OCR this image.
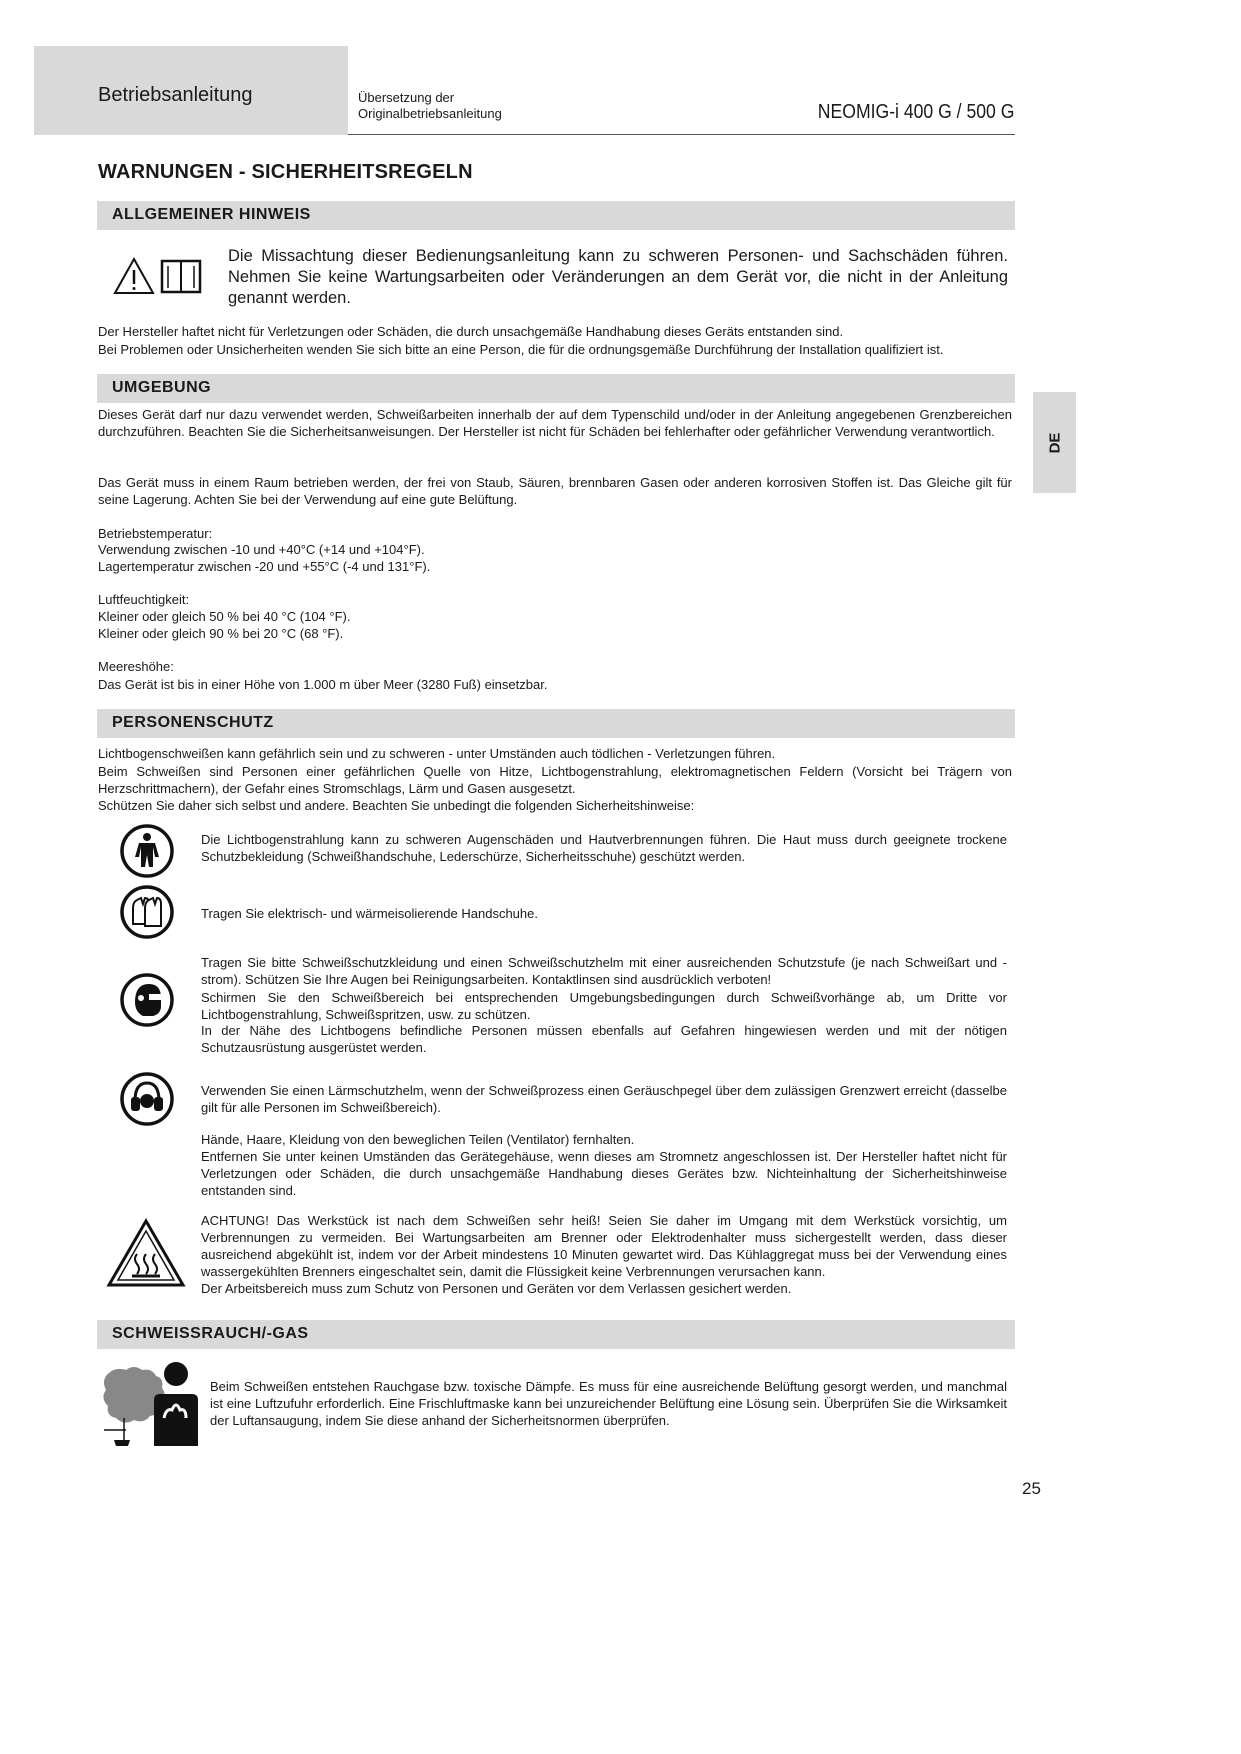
Betriebsanleitung	Übersetzung der
Originalbetriebsanleitung	NEOMIG-i 400 G / 500 G
WARNUNGEN - SICHERHEITSREGELN
DE
ALLGEMEINER HINWEIS
Die Missachtung dieser Bedienungsanleitung kann zu schweren Personen- und Sachschäden führen. Nehmen Sie keine Wartungsarbeiten oder Veränderungen an dem Gerät vor, die nicht in der Anleitung genannt werden.
Der Hersteller haftet nicht für Verletzungen oder Schäden, die durch unsachgemäße Handhabung dieses Geräts entstanden sind.
Bei Problemen oder Unsicherheiten wenden Sie sich bitte an eine Person, die für die ordnungsgemäße Durchführung der Installation qualifiziert ist.
UMGEBUNG
Dieses Gerät darf nur dazu verwendet werden, Schweißarbeiten innerhalb der auf dem Typenschild und/oder in der Anleitung angegebenen Grenzbereichen durchzuführen. Beachten Sie die Sicherheitsanweisungen. Der Hersteller ist nicht für Schäden bei fehlerhafter oder gefährlicher Verwendung verantwortlich.
Das Gerät muss in einem Raum betrieben werden, der frei von Staub, Säuren, brennbaren Gasen oder anderen korrosiven Stoffen ist. Das Gleiche gilt für seine Lagerung. Achten Sie bei der Verwendung auf eine gute Belüftung.
Betriebstemperatur:
Verwendung zwischen -10 und +40°C (+14 und +104°F).
Lagertemperatur zwischen -20 und +55°C (-4 und 131°F).
Luftfeuchtigkeit:
Kleiner oder gleich 50 % bei 40 °C (104 °F).
Kleiner oder gleich 90 % bei 20 °C (68 °F).
Meereshöhe:
Das Gerät ist bis in einer Höhe von 1.000 m über Meer (3280 Fuß) einsetzbar.
PERSONENSCHUTZ
Lichtbogenschweißen kann gefährlich sein und zu schweren - unter Umständen auch tödlichen - Verletzungen führen.
Beim Schweißen sind Personen einer gefährlichen Quelle von Hitze, Lichtbogenstrahlung, elektromagnetischen Feldern (Vorsicht bei Trägern von Herzschrittmachern), der Gefahr eines Stromschlags, Lärm und Gasen ausgesetzt.
Schützen Sie daher sich selbst und andere. Beachten Sie unbedingt die folgenden Sicherheitshinweise:
Die Lichtbogenstrahlung kann zu schweren Augenschäden und Hautverbrennungen führen. Die Haut muss durch geeignete trockene Schutzbekleidung (Schweißhandschuhe, Lederschürze, Sicherheitsschuhe) geschützt werden.
Tragen Sie elektrisch- und wärmeisolierende Handschuhe.
Tragen Sie bitte Schweißschutzkleidung und einen Schweißschutzhelm mit einer ausreichenden Schutzstufe (je nach Schweißart und -strom). Schützen Sie Ihre Augen bei Reinigungsarbeiten. Kontaktlinsen sind ausdrücklich verboten!
Schirmen Sie den Schweißbereich bei entsprechenden Umgebungsbedingungen durch Schweißvorhänge ab, um Dritte vor Lichtbogenstrahlung, Schweißspritzen, usw. zu schützen.
In der Nähe des Lichtbogens befindliche Personen müssen ebenfalls auf Gefahren hingewiesen werden und mit der nötigen Schutzausrüstung ausgerüstet werden.
Verwenden Sie einen Lärmschutzhelm, wenn der Schweißprozess einen Geräuschpegel über dem zulässigen Grenzwert erreicht (dasselbe gilt für alle Personen im Schweißbereich).
Hände, Haare, Kleidung von den beweglichen Teilen (Ventilator) fernhalten.
Entfernen Sie unter keinen Umständen das Gerätegehäuse, wenn dieses am Stromnetz angeschlossen ist. Der Hersteller haftet nicht für Verletzungen oder Schäden, die durch unsachgemäße Handhabung dieses Gerätes bzw. Nichteinhaltung der Sicherheitshinweise entstanden sind.
ACHTUNG! Das Werkstück ist nach dem Schweißen sehr heiß! Seien Sie daher im Umgang mit dem Werkstück vorsichtig, um Verbrennungen zu vermeiden. Bei Wartungsarbeiten am Brenner oder Elektrodenhalter muss sichergestellt werden, dass dieser ausreichend abgekühlt ist, indem vor der Arbeit mindestens 10 Minuten gewartet wird. Das Kühlaggregat muss bei der Verwendung eines wassergekühlten Brenners eingeschaltet sein, damit die Flüssigkeit keine Verbrennungen verursachen kann.
Der Arbeitsbereich muss zum Schutz von Personen und Geräten vor dem Verlassen gesichert werden.
SCHWEISSRAUCH/-GAS
Beim Schweißen entstehen Rauchgase bzw. toxische Dämpfe. Es muss für eine ausreichende Belüftung gesorgt werden, und manchmal ist eine Luftzufuhr erforderlich. Eine Frischluftmaske kann bei unzureichender Belüftung eine Lösung sein. Überprüfen Sie die Wirksamkeit der Luftansaugung, indem Sie diese anhand der Sicherheitsnormen überprüfen.
25
